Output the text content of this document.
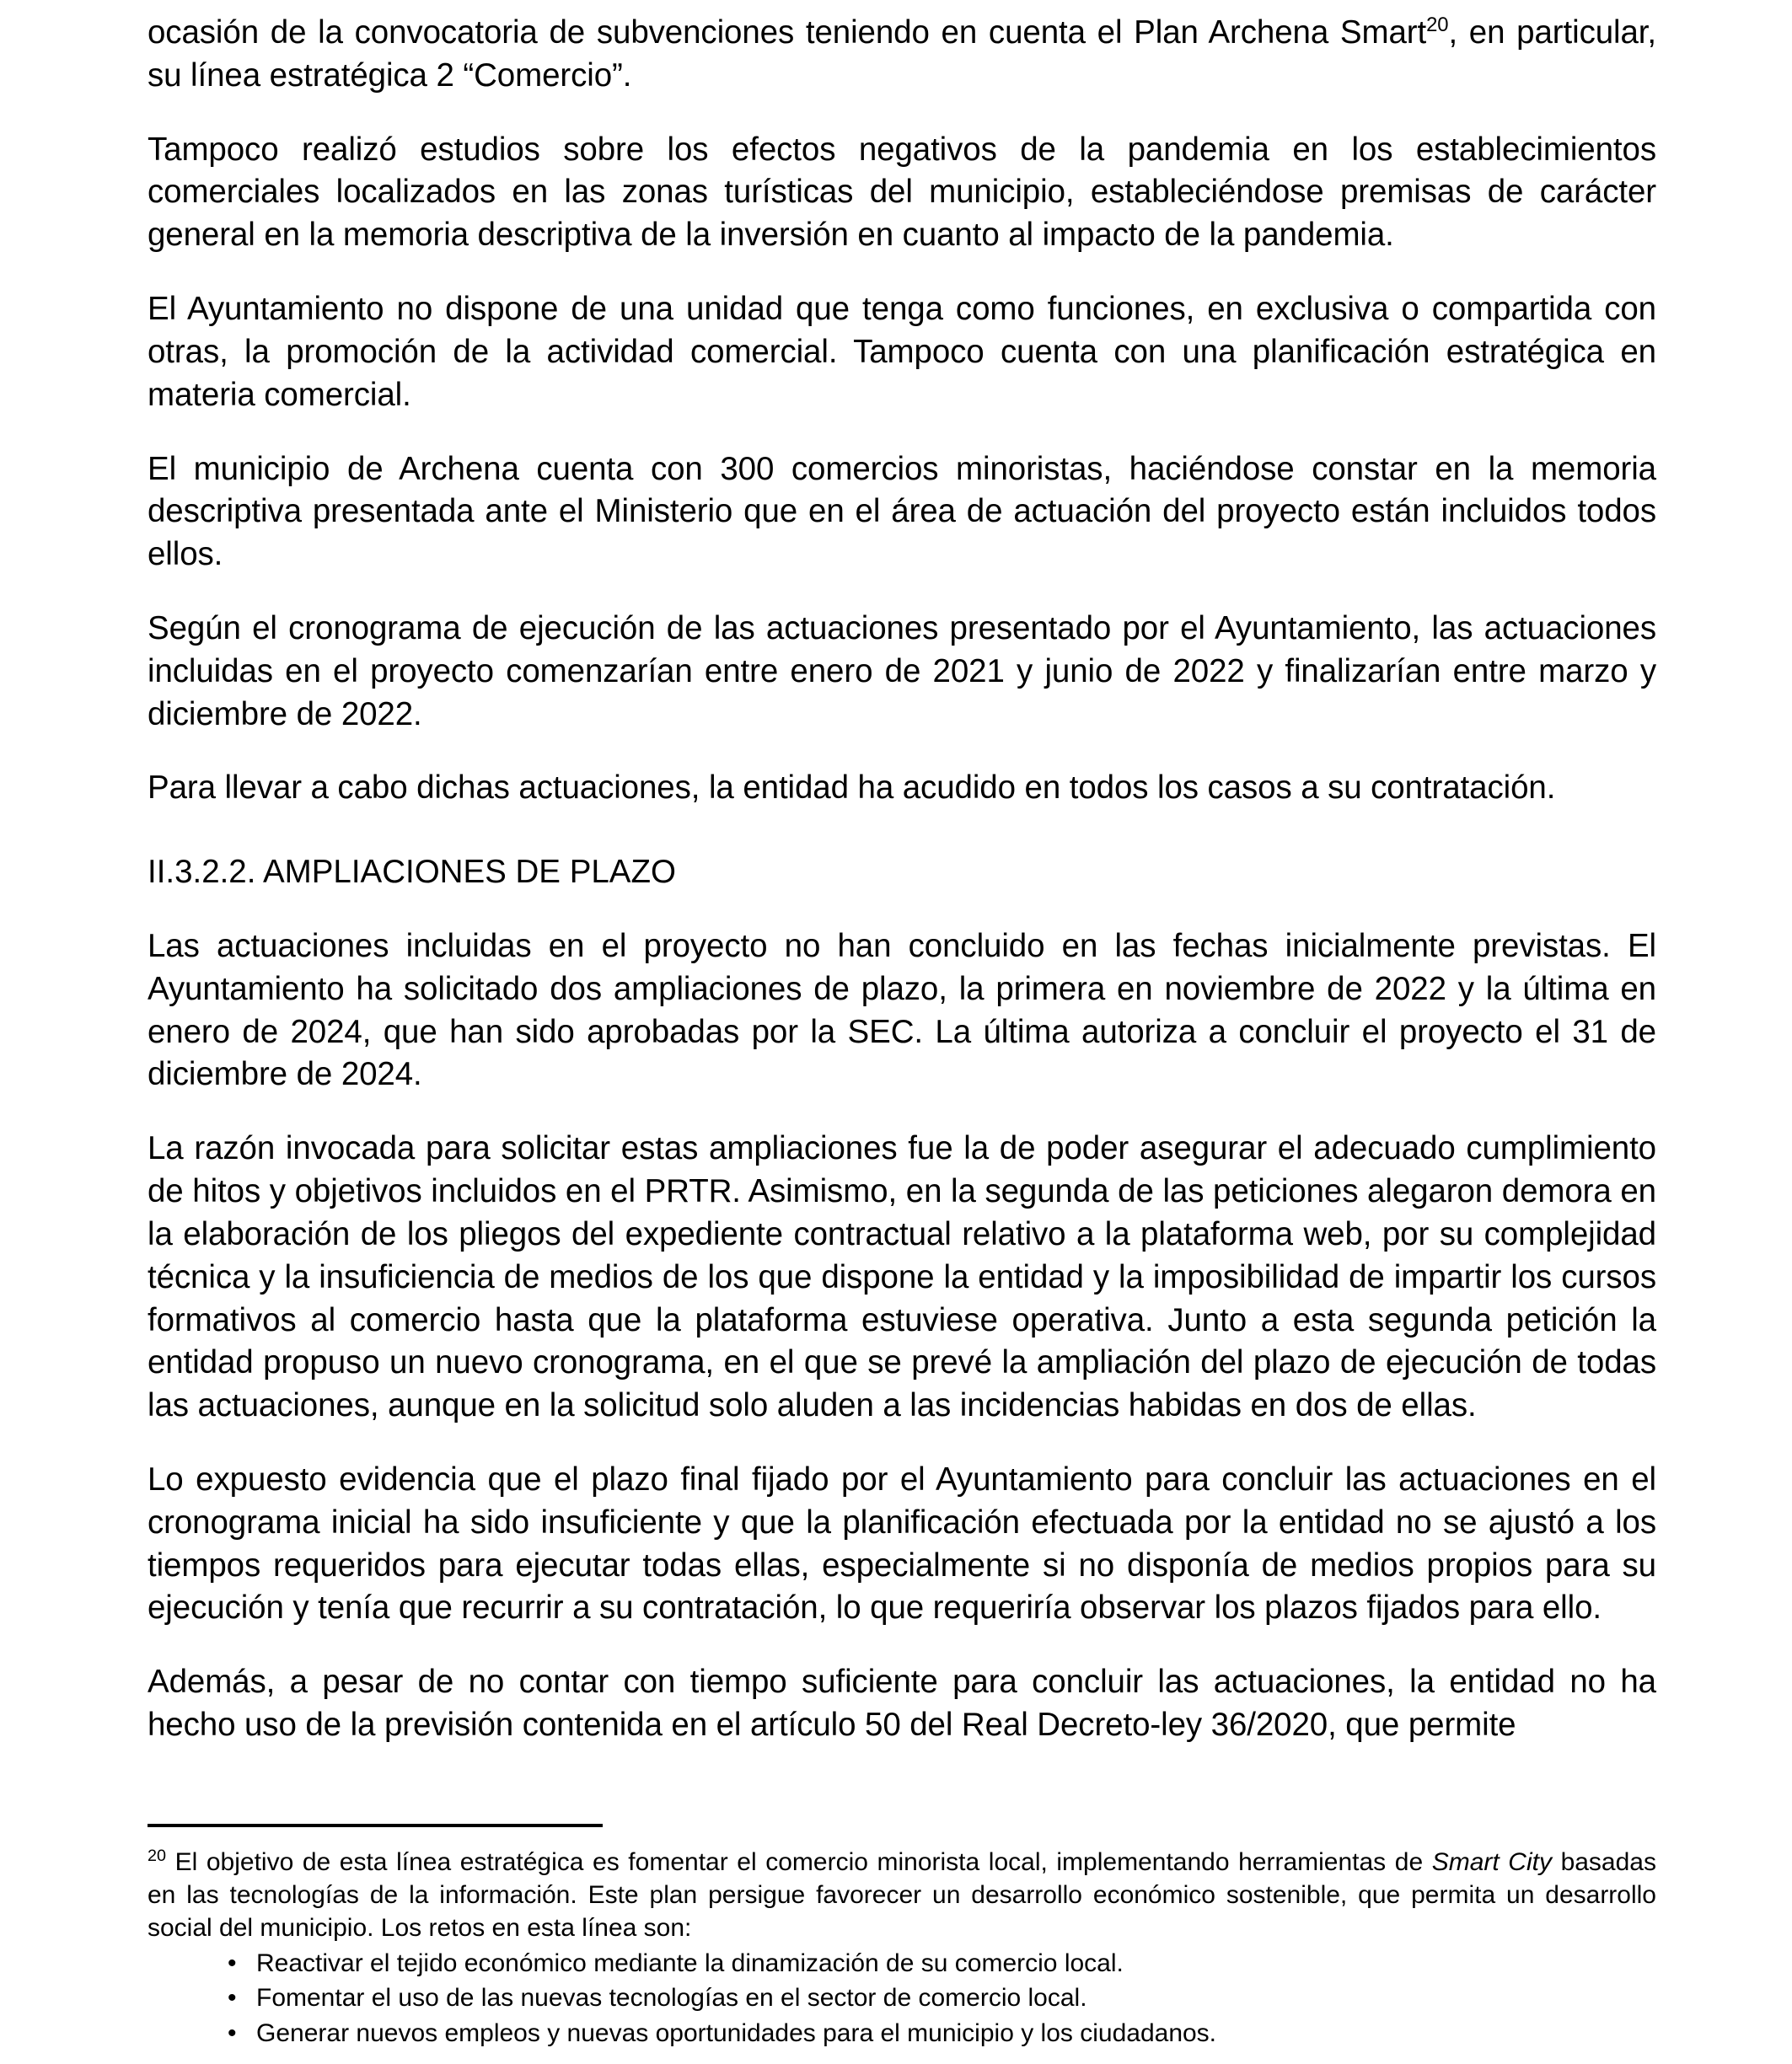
ocasión de la convocatoria de subvenciones teniendo en cuenta el Plan Archena Smart$^{20}$, en particular, su línea estratégica 2 “Comercio”.

Tampoco realizó estudios sobre los efectos negativos de la pandemia en los establecimientos comerciales localizados en las zonas turísticas del municipio, estableciéndose premisas de carácter general en la memoria descriptiva de la inversión en cuanto al impacto de la pandemia.

El Ayuntamiento no dispone de una unidad que tenga como funciones, en exclusiva o compartida con otras, la promoción de la actividad comercial. Tampoco cuenta con una planificación estratégica en materia comercial.

El municipio de Archena cuenta con 300 comercios minoristas, haciéndose constar en la memoria descriptiva presentada ante el Ministerio que en el área de actuación del proyecto están incluidos todos ellos.

Según el cronograma de ejecución de las actuaciones presentado por el Ayuntamiento, las actuaciones incluidas en el proyecto comenzarían entre enero de 2021 y junio de 2022 y finalizarían entre marzo y diciembre de 2022.

Para llevar a cabo dichas actuaciones, la entidad ha acudido en todos los casos a su contratación.

II.3.2.2. AMPLIACIONES DE PLAZO

Las actuaciones incluidas en el proyecto no han concluido en las fechas inicialmente previstas. El Ayuntamiento ha solicitado dos ampliaciones de plazo, la primera en noviembre de 2022 y la última en enero de 2024, que han sido aprobadas por la SEC. La última autoriza a concluir el proyecto el 31 de diciembre de 2024.

La razón invocada para solicitar estas ampliaciones fue la de poder asegurar el adecuado cumplimiento de hitos y objetivos incluidos en el PRTR. Asimismo, en la segunda de las peticiones alegaron demora en la elaboración de los pliegos del expediente contractual relativo a la plataforma web, por su complejidad técnica y la insuficiencia de medios de los que dispone la entidad y la imposibilidad de impartir los cursos formativos al comercio hasta que la plataforma estuviese operativa. Junto a esta segunda petición la entidad propuso un nuevo cronograma, en el que se prevé la ampliación del plazo de ejecución de todas las actuaciones, aunque en la solicitud solo aluden a las incidencias habidas en dos de ellas.

Lo expuesto evidencia que el plazo final fijado por el Ayuntamiento para concluir las actuaciones en el cronograma inicial ha sido insuficiente y que la planificación efectuada por la entidad no se ajustó a los tiempos requeridos para ejecutar todas ellas, especialmente si no disponía de medios propios para su ejecución y tenía que recurrir a su contratación, lo que requeriría observar los plazos fijados para ello.

Además, a pesar de no contar con tiempo suficiente para concluir las actuaciones, la entidad no ha hecho uso de la previsión contenida en el artículo 50 del Real Decreto-ley 36/2020, que permite

$^{20}$ El objetivo de esta línea estratégica es fomentar el comercio minorista local, implementando herramientas de Smart City basadas en las tecnologías de la información. Este plan persigue favorecer un desarrollo económico sostenible, que permita un desarrollo social del municipio. Los retos en esta línea son:

• Reactivar el tejido económico mediante la dinamización de su comercio local.
• Fomentar el uso de las nuevas tecnologías en el sector de comercio local.
• Generar nuevos empleos y nuevas oportunidades para el municipio y los ciudadanos.
